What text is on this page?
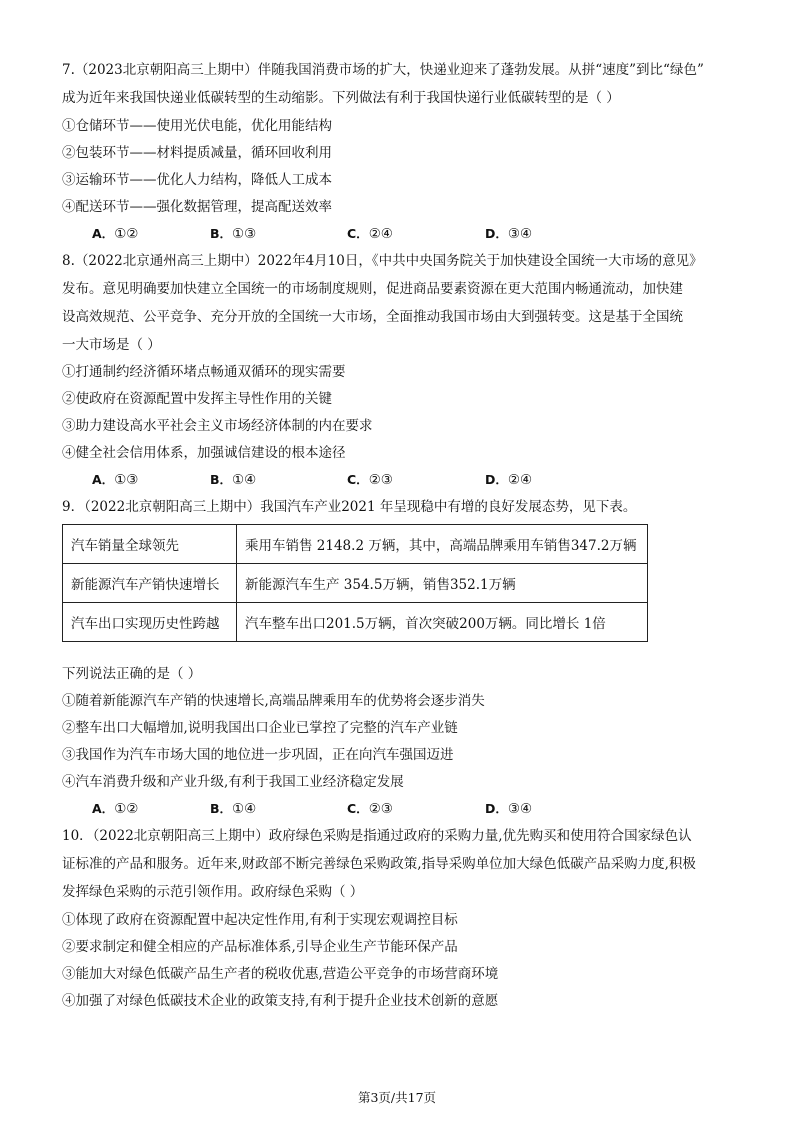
7.（2023北京朝阳高三上期中）伴随我国消费市场的扩大，快递业迎来了蓬勃发展。从拼“速度”到比“绿色”
成为近年来我国快递业低碳转型的生动缩影。下列做法有利于我国快递行业低碳转型的是（ ）
①仓储环节——使用光伏电能，优化用能结构
②包装环节——材料提质减量，循环回收利用
③运输环节——优化人力结构，降低人工成本
④配送环节——强化数据管理，提高配送效率
A．①②	B．①③	C．②④	D．③④
8.（2022北京通州高三上期中）2022年4月10日，《中共中央国务院关于加快建设全国统一大市场的意见》
发布。意见明确要加快建立全国统一的市场制度规则，促进商品要素资源在更大范围内畅通流动，加快建
设高效规范、公平竞争、充分开放的全国统一大市场，全面推动我国市场由大到强转变。这是基于全国统
一大市场是（ ）
①打通制约经济循环堵点畅通双循环的现实需要
②使政府在资源配置中发挥主导性作用的关键
③助力建设高水平社会主义市场经济体制的内在要求
④健全社会信用体系，加强诚信建设的根本途径
A．①③	B．①④	C．②③	D．②④
9．（2022北京朝阳高三上期中）我国汽车产业2021 年呈现稳中有增的良好发展态势，见下表。
汽车销量全球领先	乘用车销售 2148.2 万辆，其中，高端品牌乘用车销售347.2万辆
新能源汽车产销快速增长	新能源汽车生产 354.5万辆，销售352.1万辆
汽车出口实现历史性跨越	汽车整车出口201.5万辆，首次突破200万辆。同比增长 1倍
下列说法正确的是（ ）
①随着新能源汽车产销的快速增长,高端品牌乘用车的优势将会逐步消失
②整车出口大幅增加,说明我国出口企业已掌控了完整的汽车产业链
③我国作为汽车市场大国的地位进一步巩固，正在向汽车强国迈进
④汽车消费升级和产业升级,有利于我国工业经济稳定发展
A．①②	B．①④	C．②③	D．③④
10．（2022北京朝阳高三上期中）政府绿色采购是指通过政府的采购力量,优先购买和使用符合国家绿色认
证标准的产品和服务。近年来,财政部不断完善绿色采购政策,指导采购单位加大绿色低碳产品采购力度,积极
发挥绿色采购的示范引领作用。政府绿色采购（ ）
①体现了政府在资源配置中起决定性作用,有利于实现宏观调控目标
②要求制定和健全相应的产品标准体系,引导企业生产节能环保产品
③能加大对绿色低碳产品生产者的税收优惠,营造公平竞争的市场营商环境
④加强了对绿色低碳技术企业的政策支持,有利于提升企业技术创新的意愿
第3页/共17页
